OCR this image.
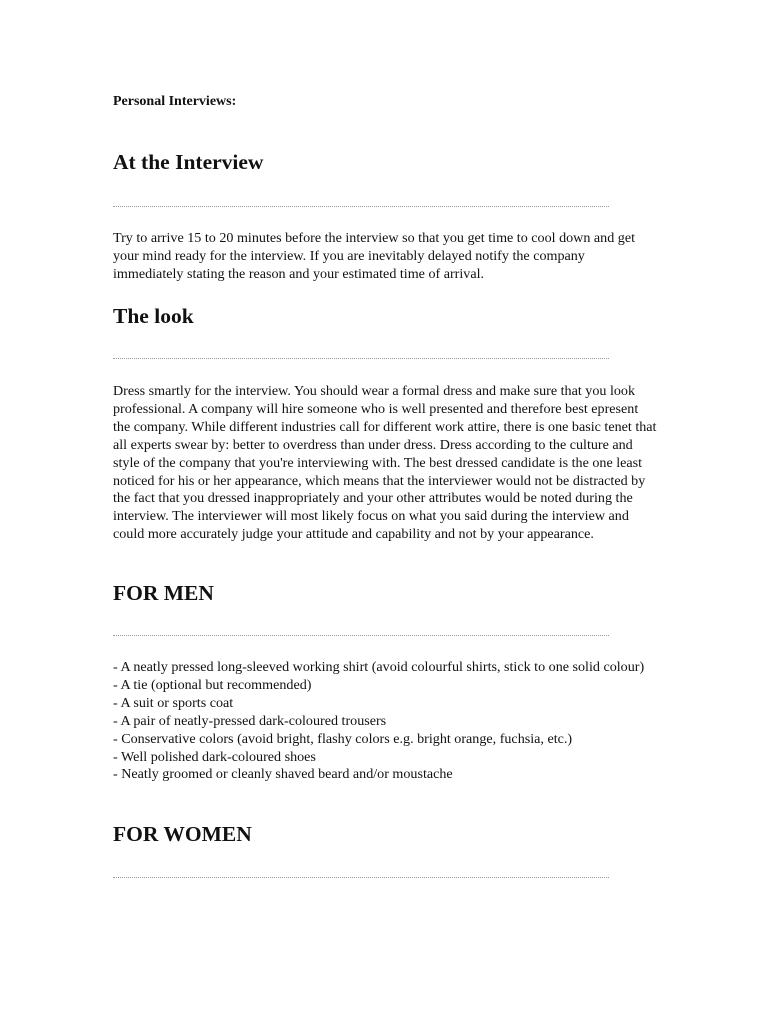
Personal Interviews:
At the Interview

Try to arrive 15 to 20 minutes before the interview so that you get time to cool down and get your mind ready for the interview. If you are inevitably delayed notify the company immediately stating the reason and your estimated time of arrival.

The look

Dress smartly for the interview. You should wear a formal dress and make sure that you look professional. A company will hire someone who is well presented and therefore best epresent the company. While different industries call for different work attire, there is one basic tenet that all experts swear by: better to overdress than under dress. Dress according to the culture and style of the company that you're interviewing with. The best dressed candidate is the one least noticed for his or her appearance, which means that the interviewer would not be distracted by the fact that you dressed inappropriately and your other attributes would be noted during the interview. The interviewer will most likely focus on what you said during the interview and could more accurately judge your attitude and capability and not by your appearance.

FOR MEN
- A neatly pressed long-sleeved working shirt (avoid colourful shirts, stick to one solid colour)
- A tie (optional but recommended)
- A suit or sports coat
- A pair of neatly-pressed dark-coloured trousers
- Conservative colors (avoid bright, flashy colors e.g. bright orange, fuchsia, etc.)
- Well polished dark-coloured shoes
- Neatly groomed or cleanly shaved beard and/or moustache
FOR WOMEN
